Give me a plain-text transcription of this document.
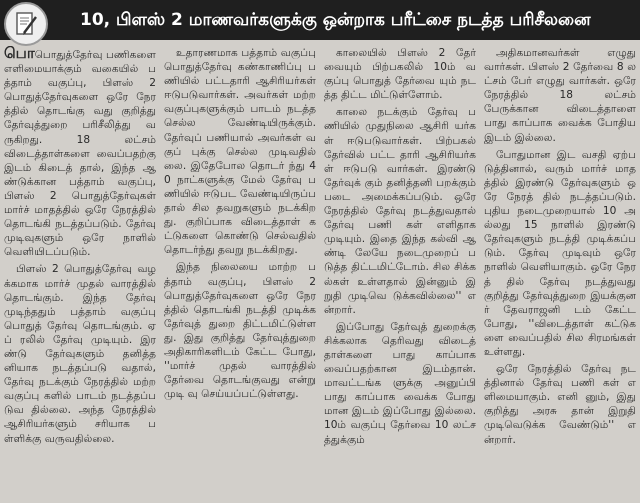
10, பிளஸ் 2 மாணவர்களுக்கு ஒன்றாக பரீட்சை நடத்த பரிசீலனை

பொபொதுத்தேர்வு பணிகளை எளிமையாக்கும் வகையில் பத்தாம் வகுப்பு, பிளஸ் 2 பொதுத்தேர்வுகளை ஒரே நேரத்தில் தொடங்கு வது குறித்து தேர்வுத்துறை பரிசீலித்து வருகிறது. 18 லட்சம் விடைத்தாள்களை வைப்பதற்கு இடம் கிடைத் தால், இந்த ஆண்டுக்கான பத்தாம் வகுப்பு, பிளஸ் 2 பொதுத்தேர்வுகள் மார்ச் மாதத்தில் ஒரே நேரத்தில் தொடங்கி நடத்தப்படும். தேர்வு முடிவுகளும் ஒரே நாளில் வெளியிடப்படும்.

பிளஸ் 2 பொதுத்தேர்வு வழக்கமாக மார்ச் முதல் வாரத்தில் தொடங்கும். இந்த தேர்வு முடிந்ததும் பத்தாம் வகுப்பு பொதுத் தேர்வு தொடங்கும். ஏப் ரலில் தேர்வு முடியும். இரண்டு தேர்வுகளும் தனித்தனியாக நடத்தப்படு வதால், தேர்வு நடக்கும் நேரத்தில் மற்ற வகுப்பு களில் பாடம் நடத்தப்படுவ தில்லை. அந்த நேரத்தில் ஆசிரியர்களும் சரியாக பள்ளிக்கு வருவதில்லை.

உதாரணமாக பத்தாம் வகுப்பு பொதுத்தேர்வு கண்காணிப்பு பணியில் பட்டதாரி ஆசிரியர்கள் ஈடுபடுவார்கள். அவர்கள் மற்ற வகுப்புகளுக்கும் பாடம் நடத்த செல்ல வேண்டியிருக்கும். தேர்வுப் பணியால் அவர்கள் வகுப் புக்கு செல்ல முடிவதில் லை. இதேபோல தொடர் ந்து 40 நாட்களுக்கு மேல் தேர்வு பணியில் ஈடுபட வேண்டியிருப்பதால் சில தவறுகளும் நடக்கிறது. குறிப்பாக விடைத்தாள் கட்டுகளை கொண்டு செல்வதில் தொடர்ந்து தவறு நடக்கிறது.

இந்த நிலையை மாற்ற பத்தாம் வகுப்பு, பிளஸ் 2 பொதுத்தேர்வுகளை ஒரே நேரத்தில் தொடங்கி நடத்தி முடிக்க தேர்வுத் துறை திட்டமிட்டுள்ளது. இது குறித்து தேர்வுத்துறை அதிகாரிகளிடம் கேட்ட போது, ''மார்ச் முதல் வாரத்தில் தேர்வை தொடங்குவது என்று முடி வு செய்யப்பட்டுள்ளது.

காலையில் பிளஸ் 2 தேர் வையும் பிற்பகலில் 10ம் வகுப்பு பொதுத் தேர்வை யும் நடத்த திட்ட மிட்டுள்ளோம்.

காலை நடக்கும் தேர்வு பணியில் முதுநிலை ஆசிரி யர்கள் ஈடுபடுவார்கள். பிற்பகல் தேர்வில் பட்ட தாரி ஆசிரியர்கள் ஈடுபடு வார்கள். இரண்டு தேர்வுக் கும் தனித்தனி பறக்கும் படை அமைக்கப்படும். ஒரே நேரத்தில் தேர்வு நடத்துவதால் தேர்வு பணி கள் எளிதாக முடியும். இதை இந்த கல்வி ஆண்டி லேயே நடைமுறைப் படுத்த திட்டமிட்டோம். சில சிக்கல்கள் உள்ளதால் இன்னும் இறுதி முடிவெ டுக்கவில்லை'' என்றார்.

இப்போது தேர்வுத் துறைக்கு சிக்கலாக தெரிவது விடைத் தாள்களை பாது காப்பாக வைப்பதற்கான இடம்தான். மாவட்டங்க ளுக்கு அனுப்பி பாது காப்பாக வைக்க போது மான இடம் இப்போது இல்லை. 10ம் வகுப்பு தேர்வை 10 லட்சத்துக்கும்

அதிகமானவர்கள் எழுது வார்கள். பிளஸ் 2 தேர்வை 8 லட்சம் பேர் எழுது வார்கள். ஒரே நேரத்தில் 18 லட்சம் பேருக்கான விடைத்தாளை பாது காப்பாக வைக்க போதிய இடம் இல்லை.

போதுமான இட வசதி ஏற்படுத்தினால், வரும் மார்ச் மாதத்தில் இரண்டு தேர்வுகளும் ஒரே நேரத் தில் நடத்தப்படும். புதிய நடைமுறையால் 10 அல்லது 15 நாளில் இரண்டு தேர்வுகளும் நடத்தி முடிக்கப்படும். தேர்வு முடிவும் ஒரே நாளில் வெளியாகும். ஒரே நேரத் தில் தேர்வு நடத்துவது குறித்து தேர்வுத்துறை இயக்குனர் தேவராஜனி டம் கேட்டபோது, ''விடைத்தாள் கட்டுகளை வைப்பதில் சில சிரமங்கள் உள்ளது.

ஒரே நேரத்தில் தேர்வு நடத்தினால் தேர்வு பணி கள் எளிமையாகும். எனி னும், இது குறித்து அரசு தான் இறுதி முடிவெடுக்க வேண்டும்'' என்றார்.
